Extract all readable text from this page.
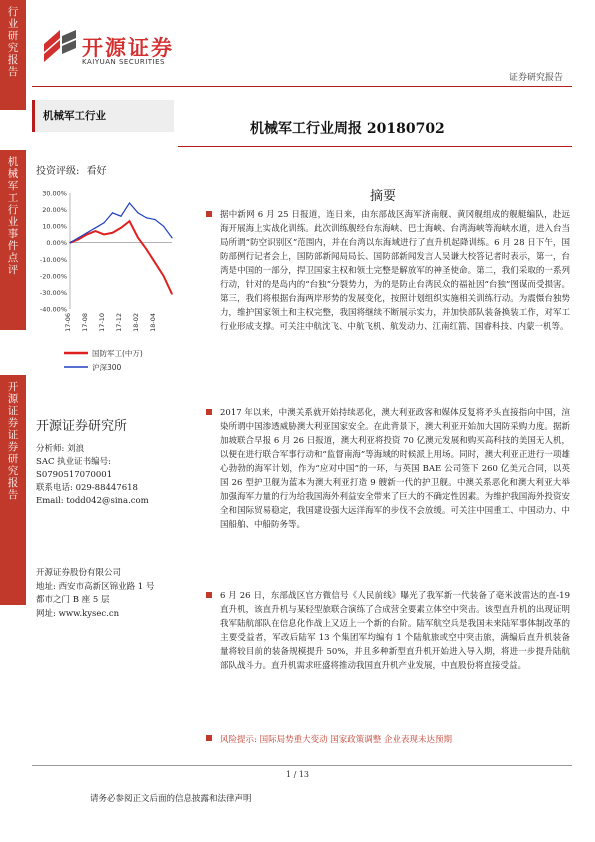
行
业
研
究
报
告
机
械
军
工
行
业
事
件
点
评
开
源
证
券
证
券
研
究
报
告
开源证券
KAIYUAN SECURITIES
证券研究报告
机械军工行业
机械军工行业周报 20180702
投资评级: 看好
30.00%
20.00%
10.00%
0.00%
-10.00%
-20.00%
-30.00%
-40.00%
17-06 17-08 17-10 17-12 18-02 18-04
国防军工(中万)
沪深300
开源证券研究所
分析师: 刘浪
SAC 执业证书编号:
S0790517070001
联系电话: 029-88447618
Email: todd042@sina.com
开源证券股份有限公司
地址: 西安市高新区锦业路 1 号
都市之门 B 座 5 层
网址: www.kysec.cn
摘要
据中新网 6 月 25 日报道，连日来，由东部战区海军济南舰、黄冈舰组成的舰艇编队，赴远海开展海上实战化训练。此次训练舰经台东海峡、巴士海峡、台湾海峡等海峡水道，进入台当局所谓“防空识别区”范围内，并在台湾以东海域进行了直升机起降训练。6 月 28 日下午，国防部例行记者会上，国防部新闻局局长、国防部新闻发言人吴谦大校答记者时表示，第一，台湾是中国的一部分，捍卫国家主权和领土完整是解放军的神圣使命。第二，我们采取的一系列行动，针对的是岛内的“台独”分裂势力，为的是防止台湾民众的福祉因“台独”图谋而受损害。第三，我们将根据台海两岸形势的发展变化，按照计划组织实施相关训练行动。为震慑台独势力，维护国家领土和主权完整，我国将继续不断展示实力，并加快部队装备换装工作，对军工行业形成支撑。可关注中航沈飞、中航飞机、航发动力、江南红箭、国睿科技、内蒙一机等。
2017 年以来，中澳关系就开始持续恶化，澳大利亚政客和媒体反复将矛头直接指向中国，渲染所谓中国渗透威胁澳大利亚国家安全。在此背景下，澳大利亚开始加大国防采购力度。据新加坡联合早报 6 月 26 日报道，澳大利亚将投资 70 亿澳元发展和购买高科技的美国无人机，以便在进行联合军事行动和“监督南海”等海域的时候派上用场。同时，澳大利亚正进行一项雄心勃勃的海军计划，作为“应对中国”的一环，与英国 BAE 公司签下 260 亿美元合同，以英国 26 型护卫舰为蓝本为澳大利亚打造 9 艘新一代的护卫舰。中澳关系恶化和澳大利亚大举加强海军力量的行为给我国海外利益安全带来了巨大的不确定性因素。为维护我国海外投资安全和国际贸易稳定，我国建设强大远洋海军的步伐不会放缓。可关注中国重工、中国动力、中国船舶、中船防务等。
6 月 26 日，东部战区官方微信号《人民前线》曝光了我军新一代装备了毫米波雷达的直-19 直升机，该直升机与某轻型旅联合演练了合成营全要素立体空中突击。该型直升机的出现证明我军陆航部队在信息化作战上又迈上一个新的台阶。陆军航空兵是我国未来陆军事体制改革的主要受益者，军改后陆军 13 个集团军均编有 1 个陆航旅或空中突击旅，满编后直升机装备量将较目前的装备规模提升 50%，并且多种新型直升机开始进入导入期，将进一步提升陆航部队战斗力。直升机需求旺盛将推动我国直升机产业发展，中直股份将直接受益。
风险提示: 国际局势重大变动 国家政策调整 企业表现未达预期
1 / 13
请务必参阅正文后面的信息披露和法律声明
